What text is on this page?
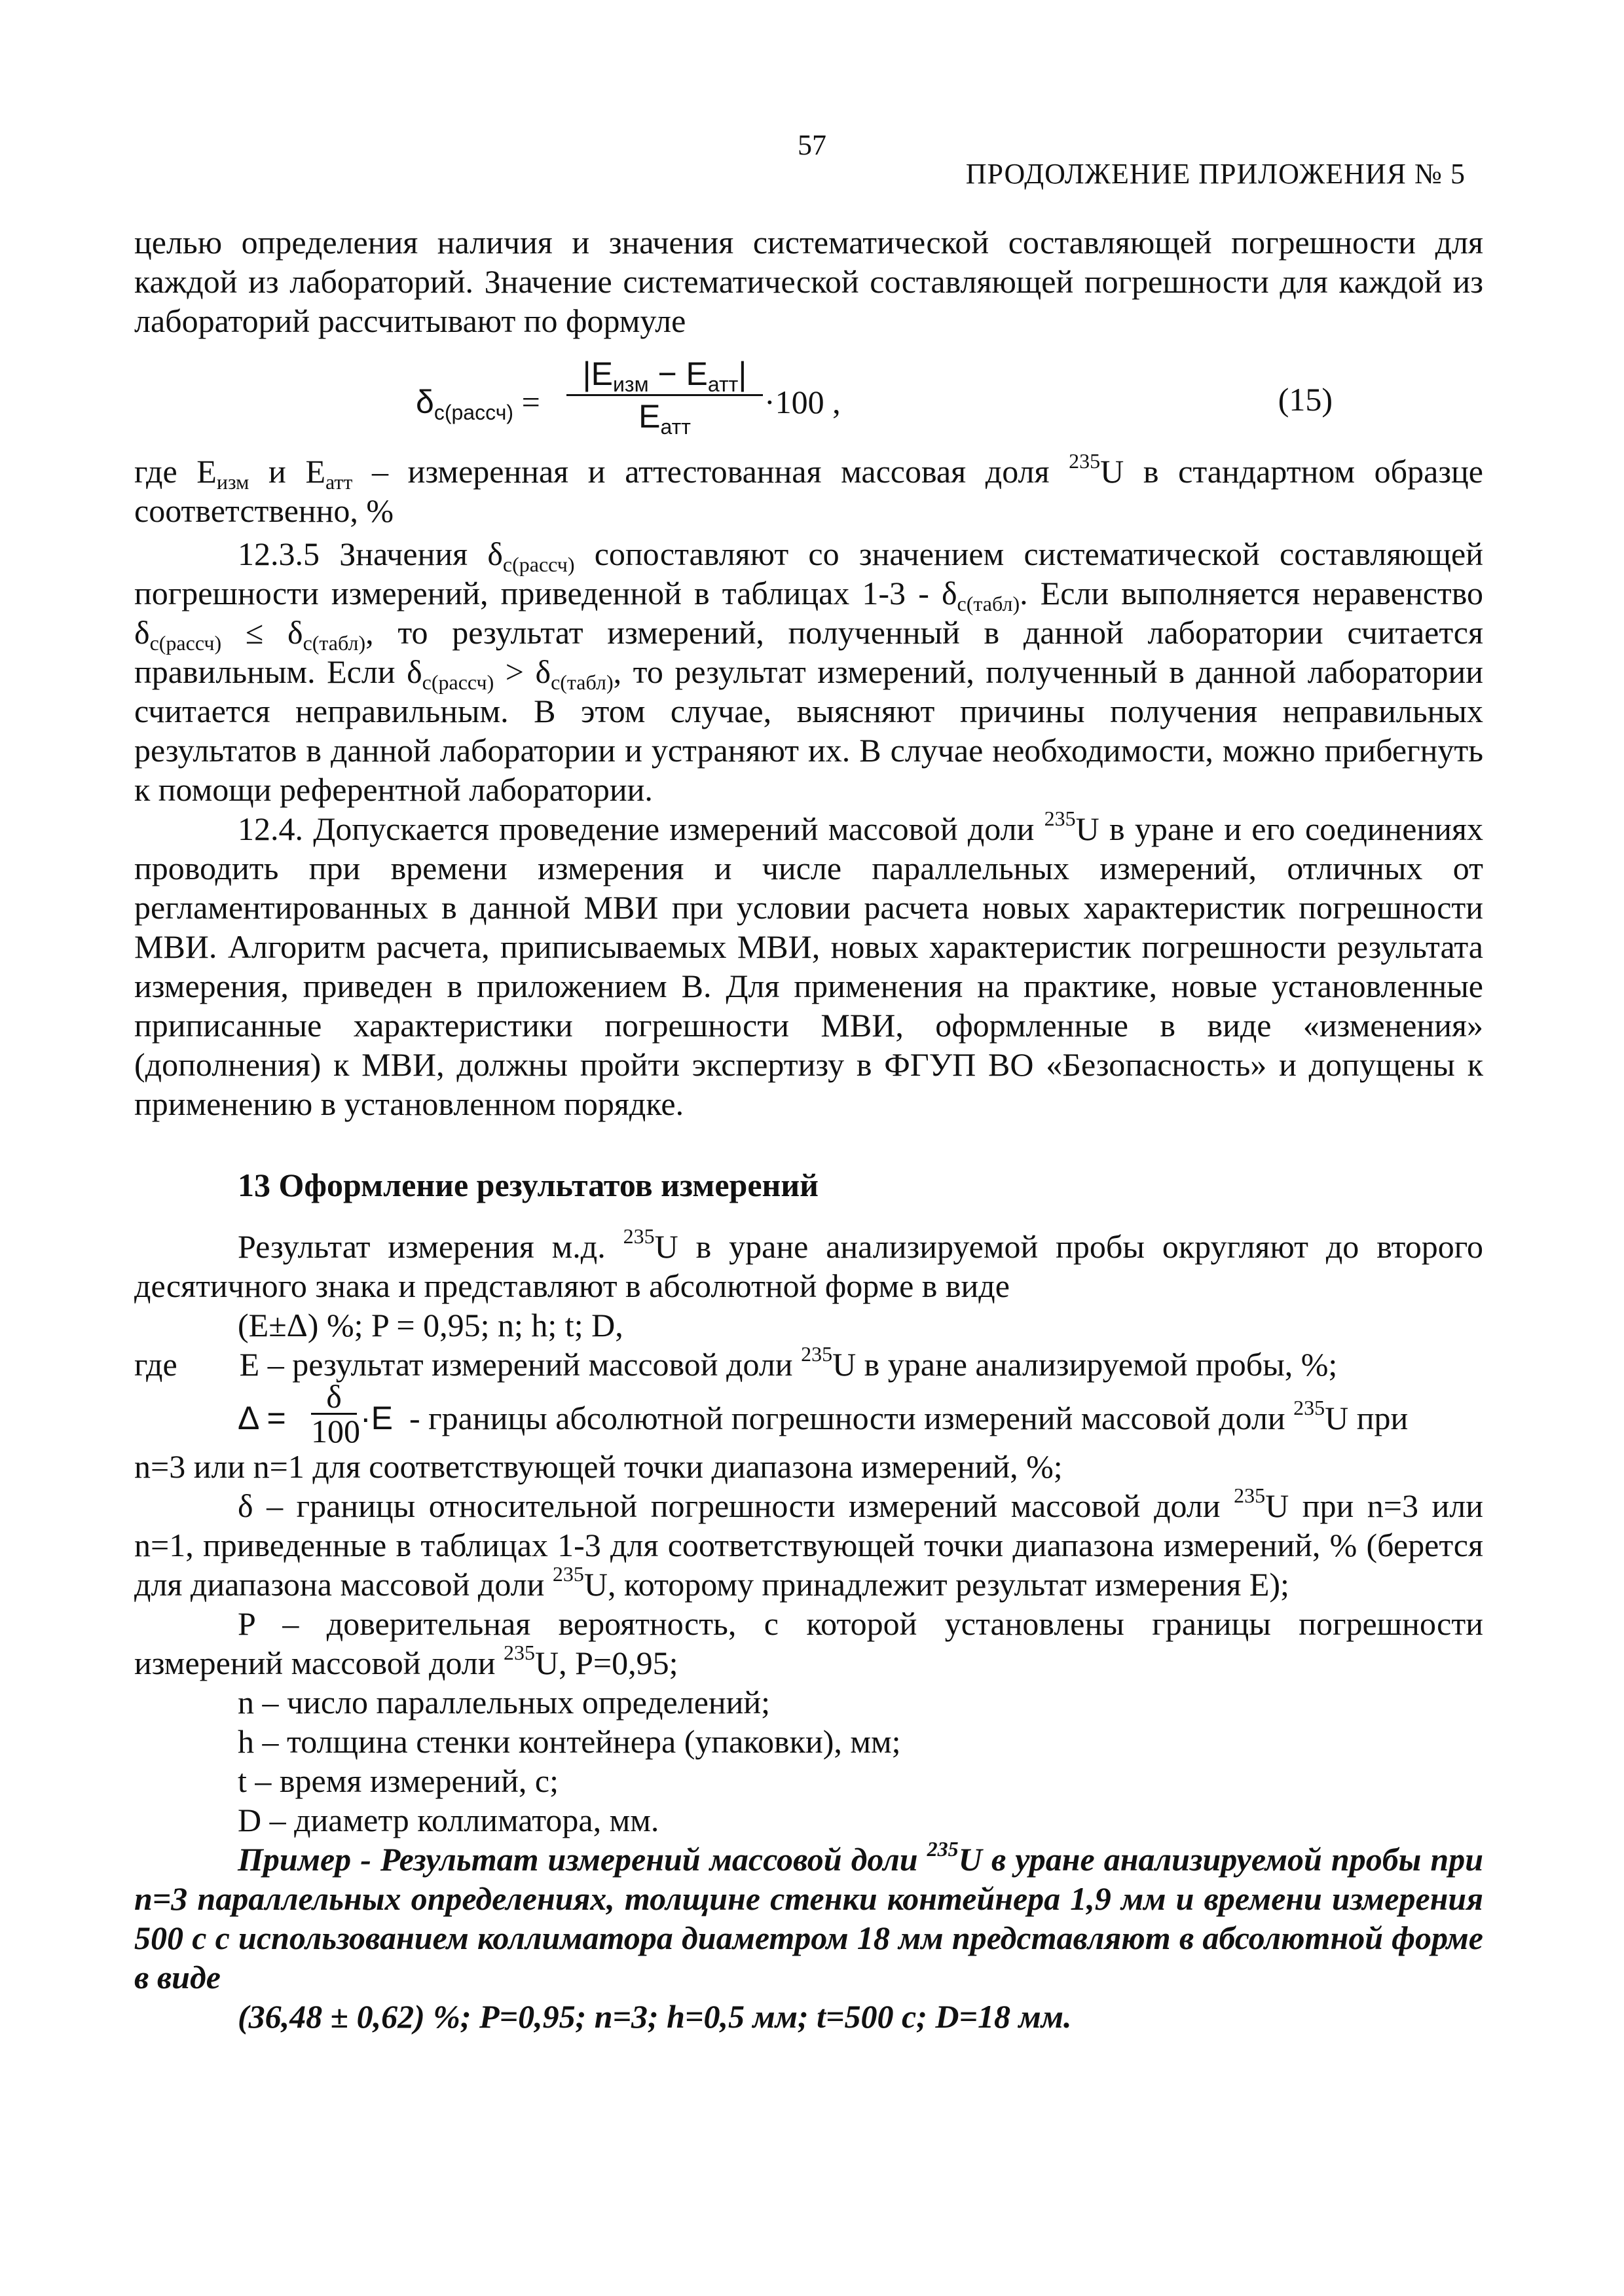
57
ПРОДОЛЖЕНИЕ ПРИЛОЖЕНИЯ № 5

целью определения наличия и значения систематической составляющей погрешности для каждой из лабораторий. Значение систематической составляющей погрешности для каждой из лабораторий рассчитывают по формуле

$\delta_{с(рассч)}$ =
$|E_{изм} - E_{атт}|$
$E_{атт}$
·100 ,	(15)

где $E_{изм}$ и $E_{атт}$ – измеренная и аттестованная массовая доля $^{235}$U в стандартном образце соответственно, %

12.3.5 Значения $\delta_{с(рассч)}$ сопоставляют со значением систематической составляющей погрешности измерений, приведенной в таблицах $1-3 - \delta_{с(табл)}$. Если выполняется неравенство $\delta_{с(рассч)} \le \delta_{с(табл)}$, то результат измерений, полученный в данной лаборатории считается правильным. Если $\delta_{с(рассч)} > \delta_{с(табл)}$, то результат измерений, полученный в данной лаборатории считается неправильным. В этом случае, выясняют причины получения неправильных результатов в данной лаборатории и устраняют их. В случае необходимости, можно прибегнуть к помощи референтной лаборатории.

12.4. Допускается проведение измерений массовой доли $^{235}$U в уране и его соединениях проводить при времени измерения и числе параллельных измерений, отличных от регламентированных в данной МВИ при условии расчета новых характеристик погрешности МВИ. Алгоритм расчета, приписываемых МВИ, новых характеристик погрешности результата измерения, приведен в приложением В. Для применения на практике, новые установленные приписанные характеристики погрешности МВИ, оформленные в виде «изменения» (дополнения) к МВИ, должны пройти экспертизу в ФГУП ВО «Безопасность» и допущены к применению в установленном порядке.

13 Оформление результатов измерений

Результат измерения м.д. $^{235}$U в уране анализируемой пробы округляют до второго десятичного знака и представляют в абсолютной форме в виде

(E±Δ) %; P = 0,95; n; h; t; D,

где E – результат измерений массовой доли $^{235}$U в уране анализируемой пробы, %;

$\Delta = \frac{\delta}{100} \cdot E$ - границы абсолютной погрешности измерений массовой доли $^{235}$U при

n=3 или n=1 для соответствующей точки диапазона измерений, %;

δ – границы относительной погрешности измерений массовой доли $^{235}$U при n=3 или n=1, приведенные в таблицах 1-3 для соответствующей точки диапазона измерений, % (берется для диапазона массовой доли $^{235}$U, которому принадлежит результат измерения E);

P – доверительная вероятность, с которой установлены границы погрешности измерений массовой доли $^{235}$U, P=0,95;

n – число параллельных определений;

h – толщина стенки контейнера (упаковки), мм;

t – время измерений, с;

D – диаметр коллиматора, мм.

Пример - Результат измерений массовой доли $^{235}$U в уране анализируемой пробы при n=3 параллельных определениях, толщине стенки контейнера 1,9 мм и времени измерения 500 с с использованием коллиматора диаметром 18 мм представляют в абсолютной форме в виде

(36,48 ± 0,62) %; P=0,95; n=3; h=0,5 мм; t=500 с; D=18 мм.
